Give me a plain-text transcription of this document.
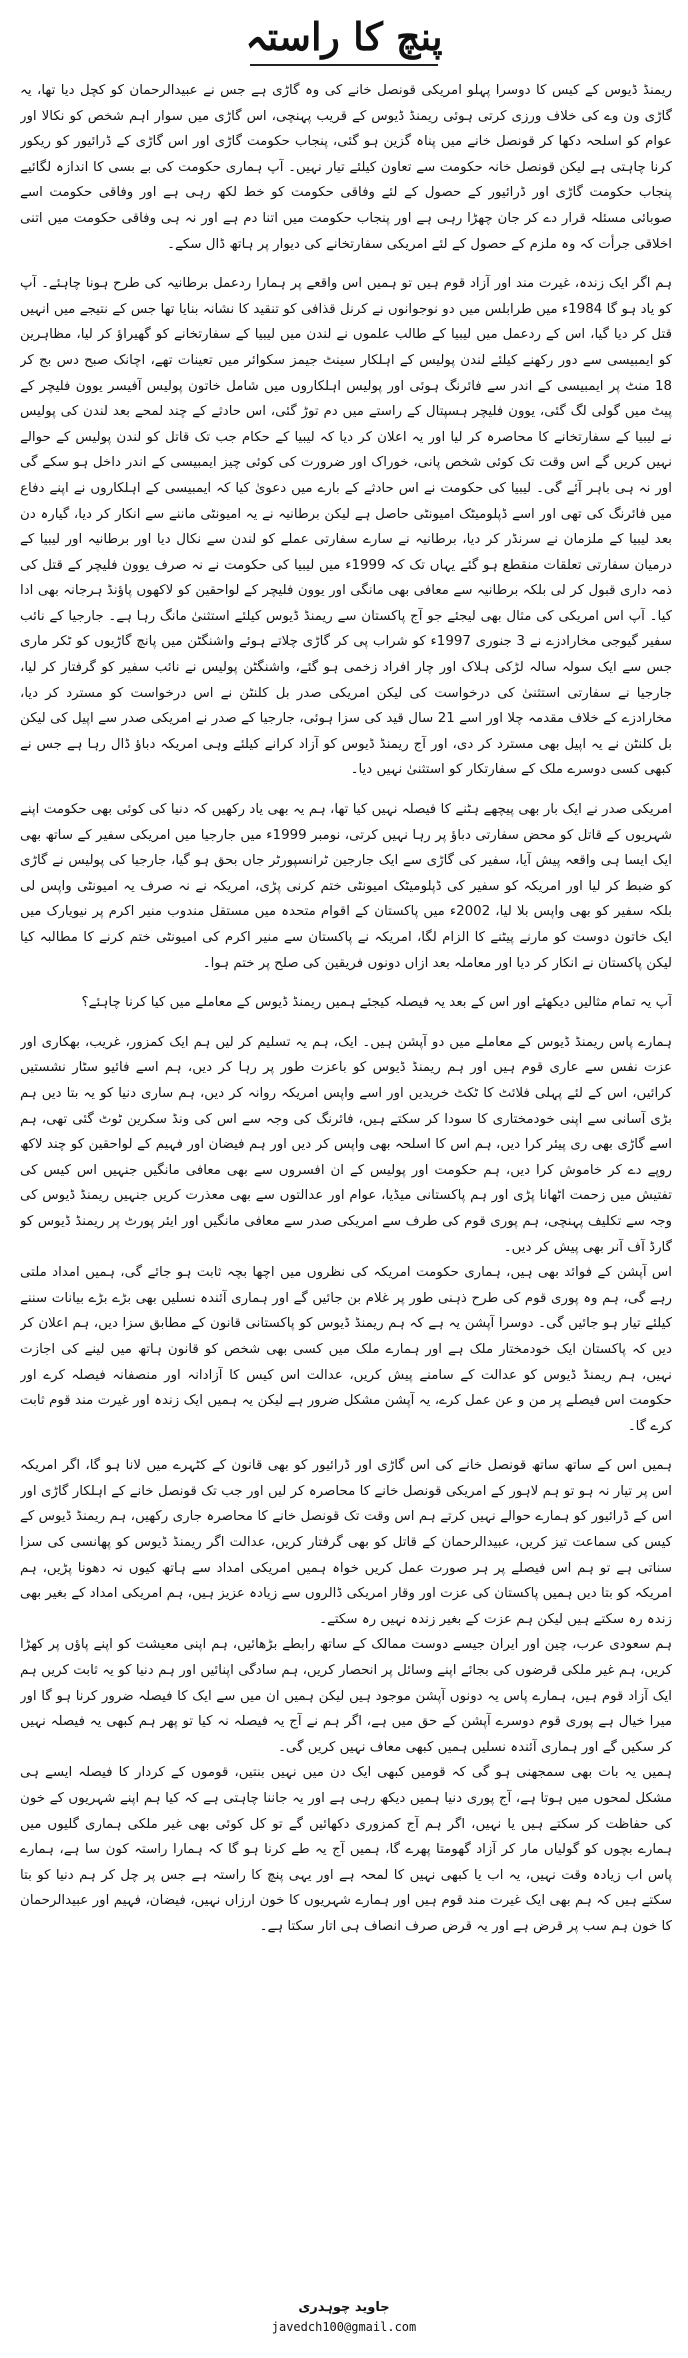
پنچ کا راستہ

ریمنڈ ڈیوس کے کیس کا دوسرا پہلو امریکی قونصل خانے کی وہ گاڑی ہے جس نے عبیدالرحمان کو کچل دیا تھا، یہ گاڑی ون وے کی خلاف ورزی کرتی ہوئی ریمنڈ ڈیوس کے قریب پہنچی، اس گاڑی میں سوار اہم شخص کو نکالا اور عوام کو اسلحہ دکھا کر قونصل خانے میں پناہ گزین ہو گئی، پنجاب حکومت گاڑی اور اس گاڑی کے ڈرائیور کو ریکور کرنا چاہتی ہے لیکن قونصل خانہ حکومت سے تعاون کیلئے تیار نہیں۔ آپ ہماری حکومت کی بے بسی کا اندازہ لگائیے پنجاب حکومت گاڑی اور ڈرائیور کے حصول کے لئے وفاقی حکومت کو خط لکھ رہی ہے اور وفاقی حکومت اسے صوبائی مسئلہ قرار دے کر جان چھڑا رہی ہے اور پنجاب حکومت میں اتنا دم ہے اور نہ ہی وفاقی حکومت میں اتنی اخلاقی جرأت کہ وہ ملزم کے حصول کے لئے امریکی سفارتخانے کی دیوار پر ہاتھ ڈال سکے۔

ہم اگر ایک زندہ، غیرت مند اور آزاد قوم ہیں تو ہمیں اس واقعے پر ہمارا ردعمل برطانیہ کی طرح ہونا چاہئے۔ آپ کو یاد ہو گا 1984ء میں طرابلس میں دو نوجوانوں نے کرنل قذافی کو تنقید کا نشانہ بنایا تھا جس کے نتیجے میں انہیں قتل کر دیا گیا، اس کے ردعمل میں لیبیا کے طالب علموں نے لندن میں لیبیا کے سفارتخانے کو گھیراؤ کر لیا، مظاہرین کو ایمبیسی سے دور رکھنے کیلئے لندن پولیس کے اہلکار سینٹ جیمز سکوائر میں تعینات تھے، اچانک صبح دس بج کر 18 منٹ پر ایمبیسی کے اندر سے فائرنگ ہوئی اور پولیس اہلکاروں میں شامل خاتون پولیس آفیسر یوون فلیچر کے پیٹ میں گولی لگ گئی، یوون فلیچر ہسپتال کے راستے میں دم توڑ گئی، اس حادثے کے چند لمحے بعد لندن کی پولیس نے لیبیا کے سفارتخانے کا محاصرہ کر لیا اور یہ اعلان کر دیا کہ لیبیا کے حکام جب تک قاتل کو لندن پولیس کے حوالے نہیں کریں گے اس وقت تک کوئی شخص پانی، خوراک اور ضرورت کی کوئی چیز ایمبیسی کے اندر داخل ہو سکے گی اور نہ ہی باہر آئے گی۔ لیبیا کی حکومت نے اس حادثے کے بارے میں دعویٰ کیا کہ ایمبیسی کے اہلکاروں نے اپنے دفاع میں فائرنگ کی تھی اور اسے ڈپلومیٹک امیونٹی حاصل ہے لیکن برطانیہ نے یہ امیونٹی ماننے سے انکار کر دیا، گیارہ دن بعد لیبیا کے ملزمان نے سرنڈر کر دیا، برطانیہ نے سارے سفارتی عملے کو لندن سے نکال دیا اور برطانیہ اور لیبیا کے درمیان سفارتی تعلقات منقطع ہو گئے یہاں تک کہ 1999ء میں لیبیا کی حکومت نے نہ صرف یوون فلیچر کے قتل کی ذمہ داری قبول کر لی بلکہ برطانیہ سے معافی بھی مانگی اور یوون فلیچر کے لواحقین کو لاکھوں پاؤنڈ ہرجانہ بھی ادا کیا۔ آپ اس امریکی کی مثال بھی لیجئے جو آج پاکستان سے ریمنڈ ڈیوس کیلئے استثنیٰ مانگ رہا ہے۔ جارجیا کے نائب سفیر گیوجی مخارادزے نے 3 جنوری 1997ء کو شراب پی کر گاڑی چلاتے ہوئے واشنگٹن میں پانچ گاڑیوں کو ٹکر ماری جس سے ایک سولہ سالہ لڑکی ہلاک اور چار افراد زخمی ہو گئے، واشنگٹن پولیس نے نائب سفیر کو گرفتار کر لیا، جارجیا نے سفارتی استثنیٰ کی درخواست کی لیکن امریکی صدر بل کلنٹن نے اس درخواست کو مسترد کر دیا، مخارادزے کے خلاف مقدمہ چلا اور اسے 21 سال قید کی سزا ہوئی، جارجیا کے صدر نے امریکی صدر سے اپیل کی لیکن بل کلنٹن نے یہ اپیل بھی مسترد کر دی، اور آج ریمنڈ ڈیوس کو آزاد کرانے کیلئے وہی امریکہ دباؤ ڈال رہا ہے جس نے کبھی کسی دوسرے ملک کے سفارتکار کو استثنیٰ نہیں دیا۔

امریکی صدر نے ایک بار بھی پیچھے ہٹنے کا فیصلہ نہیں کیا تھا، ہم یہ بھی یاد رکھیں کہ دنیا کی کوئی بھی حکومت اپنے شہریوں کے قاتل کو محض سفارتی دباؤ پر رہا نہیں کرتی، نومبر 1999ء میں جارجیا میں امریکی سفیر کے ساتھ بھی ایک ایسا ہی واقعہ پیش آیا، سفیر کی گاڑی سے ایک جارجین ٹرانسپورٹر جاں بحق ہو گیا، جارجیا کی پولیس نے گاڑی کو ضبط کر لیا اور امریکہ کو سفیر کی ڈپلومیٹک امیونٹی ختم کرنی پڑی، امریکہ نے نہ صرف یہ امیونٹی واپس لی بلکہ سفیر کو بھی واپس بلا لیا، 2002ء میں پاکستان کے اقوام متحدہ میں مستقل مندوب منیر اکرم پر نیویارک میں ایک خاتون دوست کو مارنے پیٹنے کا الزام لگا، امریکہ نے پاکستان سے منیر اکرم کی امیونٹی ختم کرنے کا مطالبہ کیا لیکن پاکستان نے انکار کر دیا اور معاملہ بعد ازاں دونوں فریقین کی صلح پر ختم ہوا۔

آپ یہ تمام مثالیں دیکھئے اور اس کے بعد یہ فیصلہ کیجئے ہمیں ریمنڈ ڈیوس کے معاملے میں کیا کرنا چاہئے؟

ہمارے پاس ریمنڈ ڈیوس کے معاملے میں دو آپشن ہیں۔ ایک، ہم یہ تسلیم کر لیں ہم ایک کمزور، غریب، بھکاری اور عزت نفس سے عاری قوم ہیں اور ہم ریمنڈ ڈیوس کو باعزت طور پر رہا کر دیں، ہم اسے فائیو سٹار نشستیں کرائیں، اس کے لئے پہلی فلائٹ کا ٹکٹ خریدیں اور اسے واپس امریکہ روانہ کر دیں، ہم ساری دنیا کو یہ بتا دیں ہم بڑی آسانی سے اپنی خودمختاری کا سودا کر سکتے ہیں، فائرنگ کی وجہ سے اس کی ونڈ سکرین ٹوٹ گئی تھی، ہم اسے گاڑی بھی ری پیئر کرا دیں، ہم اس کا اسلحہ بھی واپس کر دیں اور ہم فیضان اور فہیم کے لواحقین کو چند لاکھ روپے دے کر خاموش کرا دیں، ہم حکومت اور پولیس کے ان افسروں سے بھی معافی مانگیں جنہیں اس کیس کی تفتیش میں زحمت اٹھانا پڑی اور ہم پاکستانی میڈیا، عوام اور عدالتوں سے بھی معذرت کریں جنہیں ریمنڈ ڈیوس کی وجہ سے تکلیف پہنچی، ہم پوری قوم کی طرف سے امریکی صدر سے معافی مانگیں اور ایئر پورٹ پر ریمنڈ ڈیوس کو گارڈ آف آنر بھی پیش کر دیں۔

اس آپشن کے فوائد بھی ہیں، ہماری حکومت امریکہ کی نظروں میں اچھا بچہ ثابت ہو جائے گی، ہمیں امداد ملتی رہے گی، ہم وہ پوری قوم کی طرح ذہنی طور پر غلام بن جائیں گے اور ہماری آئندہ نسلیں بھی بڑے بڑے بیانات سننے کیلئے تیار ہو جائیں گی۔ دوسرا آپشن یہ ہے کہ ہم ریمنڈ ڈیوس کو پاکستانی قانون کے مطابق سزا دیں، ہم اعلان کر دیں کہ پاکستان ایک خودمختار ملک ہے اور ہمارے ملک میں کسی بھی شخص کو قانون ہاتھ میں لینے کی اجازت نہیں، ہم ریمنڈ ڈیوس کو عدالت کے سامنے پیش کریں، عدالت اس کیس کا آزادانہ اور منصفانہ فیصلہ کرے اور حکومت اس فیصلے پر من و عن عمل کرے، یہ آپشن مشکل ضرور ہے لیکن یہ ہمیں ایک زندہ اور غیرت مند قوم ثابت کرے گا۔

ہمیں اس کے ساتھ ساتھ قونصل خانے کی اس گاڑی اور ڈرائیور کو بھی قانون کے کٹہرے میں لانا ہو گا، اگر امریکہ اس پر تیار نہ ہو تو ہم لاہور کے امریکی قونصل خانے کا محاصرہ کر لیں اور جب تک قونصل خانے کے اہلکار گاڑی اور اس کے ڈرائیور کو ہمارے حوالے نہیں کرتے ہم اس وقت تک قونصل خانے کا محاصرہ جاری رکھیں، ہم ریمنڈ ڈیوس کے کیس کی سماعت تیز کریں، عبیدالرحمان کے قاتل کو بھی گرفتار کریں، عدالت اگر ریمنڈ ڈیوس کو پھانسی کی سزا سناتی ہے تو ہم اس فیصلے پر ہر صورت عمل کریں خواہ ہمیں امریکی امداد سے ہاتھ کیوں نہ دھونا پڑیں، ہم امریکہ کو بتا دیں ہمیں پاکستان کی عزت اور وقار امریکی ڈالروں سے زیادہ عزیز ہیں، ہم امریکی امداد کے بغیر بھی زندہ رہ سکتے ہیں لیکن ہم عزت کے بغیر زندہ نہیں رہ سکتے۔

ہم سعودی عرب، چین اور ایران جیسے دوست ممالک کے ساتھ رابطے بڑھائیں، ہم اپنی معیشت کو اپنے پاؤں پر کھڑا کریں، ہم غیر ملکی قرضوں کی بجائے اپنے وسائل پر انحصار کریں، ہم سادگی اپنائیں اور ہم دنیا کو یہ ثابت کریں ہم ایک آزاد قوم ہیں، ہمارے پاس یہ دونوں آپشن موجود ہیں لیکن ہمیں ان میں سے ایک کا فیصلہ ضرور کرنا ہو گا اور میرا خیال ہے پوری قوم دوسرے آپشن کے حق میں ہے، اگر ہم نے آج یہ فیصلہ نہ کیا تو پھر ہم کبھی یہ فیصلہ نہیں کر سکیں گے اور ہماری آئندہ نسلیں ہمیں کبھی معاف نہیں کریں گی۔

ہمیں یہ بات بھی سمجھنی ہو گی کہ قومیں کبھی ایک دن میں نہیں بنتیں، قوموں کے کردار کا فیصلہ ایسے ہی مشکل لمحوں میں ہوتا ہے، آج پوری دنیا ہمیں دیکھ رہی ہے اور یہ جاننا چاہتی ہے کہ کیا ہم اپنے شہریوں کے خون کی حفاظت کر سکتے ہیں یا نہیں، اگر ہم آج کمزوری دکھائیں گے تو کل کوئی بھی غیر ملکی ہماری گلیوں میں ہمارے بچوں کو گولیاں مار کر آزاد گھومتا پھرے گا، ہمیں آج یہ طے کرنا ہو گا کہ ہمارا راستہ کون سا ہے، ہمارے پاس اب زیادہ وقت نہیں، یہ اب یا کبھی نہیں کا لمحہ ہے اور یہی پنچ کا راستہ ہے جس پر چل کر ہم دنیا کو بتا سکتے ہیں کہ ہم بھی ایک غیرت مند قوم ہیں اور ہمارے شہریوں کا خون ارزاں نہیں، فیضان، فہیم اور عبیدالرحمان کا خون ہم سب پر قرض ہے اور یہ قرض صرف انصاف ہی اتار سکتا ہے۔

جاوید چوہدری
javedch100@gmail.com
